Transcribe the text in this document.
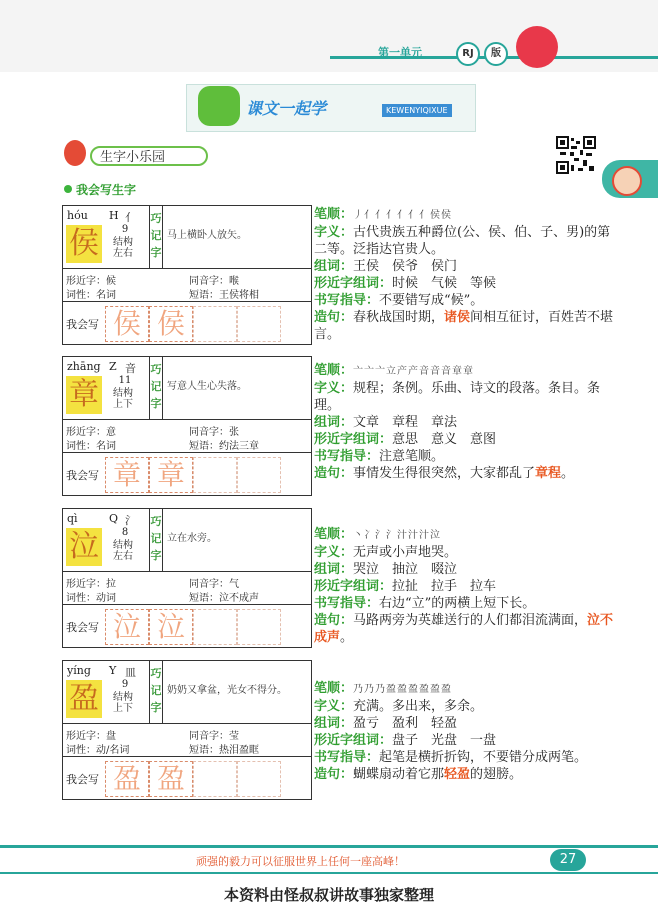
第一单元	RJ	版
课文一起学	KEWENYIQIXUE
生字小乐园
我会写生字
hóu H 亻
侯	9
结构
左右
巧记字
马上横卧人放矢。
形近字：候	同音字：喉
词性：名词	短语：王侯将相
我会写 侯 侯
zhāng Z 音
章	11
结构
上下
巧记字
写意人生心失落。
形近字：意	同音字：张
词性：名词	短语：约法三章
我会写 章 章
qì	Q 氵
泣	8
结构
左右
巧记字
立在水旁。
形近字：拉	同音字：气
词性：动词	短语：泣不成声
我会写 泣 泣
yíng Y 皿
盈	9
结构
上下
巧记字
奶奶又拿盆，光女不得分。
形近字：盘	同音字：莹
词性：动/名词	短语：热泪盈眶
我会写 盈 盈
笔顺：丿亻亻亻亻亻亻侯侯
字义：古代贵族五种爵位(公、侯、伯、子、男)的第二等。泛指达官贵人。
组词：王侯　侯爷　侯门
形近字组词：时候　气候　等候
书写指导：不要错写成“候”。
造句：春秋战国时期，诸侯间相互征讨，百姓苦不堪言。
笔顺：亠亠亠立产产音音音章章
字义：规程；条例。乐曲、诗文的段落。条目。条理。
组词：文章　章程　章法
形近字组词：意思　意义　意图
书写指导：注意笔顺。
造句：事情发生得很突然，大家都乱了章程。
笔顺：丶冫氵氵汁汁汁泣
字义：无声或小声地哭。
组词：哭泣　抽泣　啜泣
形近字组词：拉扯　拉手　拉车
书写指导：右边“立”的两横上短下长。
造句：马路两旁为英雄送行的人们都泪流满面，泣不成声。
笔顺：乃乃乃盈盈盈盈盈盈
字义：充满。多出来，多余。
组词：盈亏　盈利　轻盈
形近字组词：盘子　光盘　一盘
书写指导：起笔是横折折钩，不要错分成两笔。
造句：蝴蝶扇动着它那轻盈的翅膀。
顽强的毅力可以征服世界上任何一座高峰！	27
本资料由怪叔叔讲故事独家整理
